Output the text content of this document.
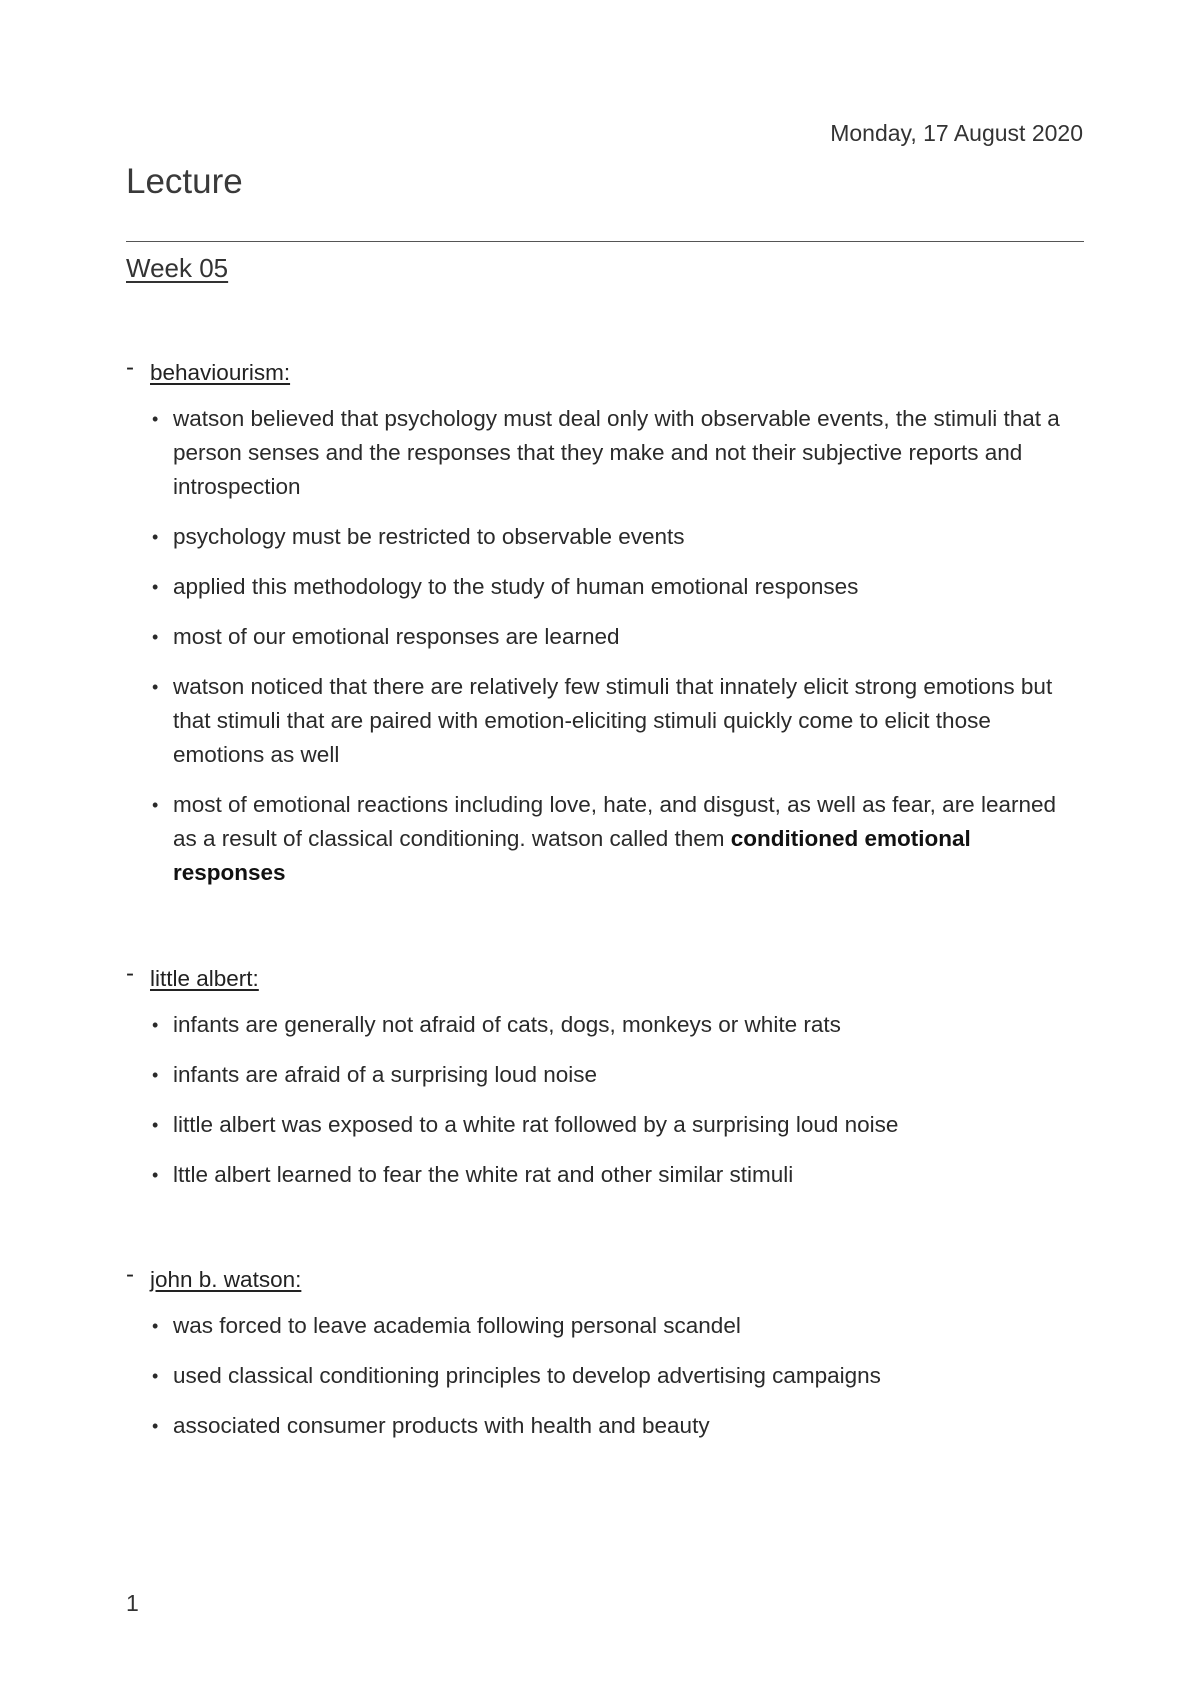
Monday, 17 August 2020
Lecture
Week 05
- behaviourism:
• watson believed that psychology must deal only with observable events, the stimuli that a person senses and the responses that they make and not their subjective reports and introspection
• psychology must be restricted to observable events
• applied this methodology to the study of human emotional responses
• most of our emotional responses are learned
• watson noticed that there are relatively few stimuli that innately elicit strong emotions but that stimuli that are paired with emotion-eliciting stimuli quickly come to elicit those emotions as well
• most of emotional reactions including love, hate, and disgust, as well as fear, are learned as a result of classical conditioning. watson called them conditioned emotional responses
- little albert:
• infants are generally not afraid of cats, dogs, monkeys or white rats
• infants are afraid of a surprising loud noise
• little albert was exposed to a white rat followed by a surprising loud noise
• lttle albert learned to fear the white rat and other similar stimuli
- john b. watson:
• was forced to leave academia following personal scandel
• used classical conditioning principles to develop advertising campaigns
• associated consumer products with health and beauty
1
